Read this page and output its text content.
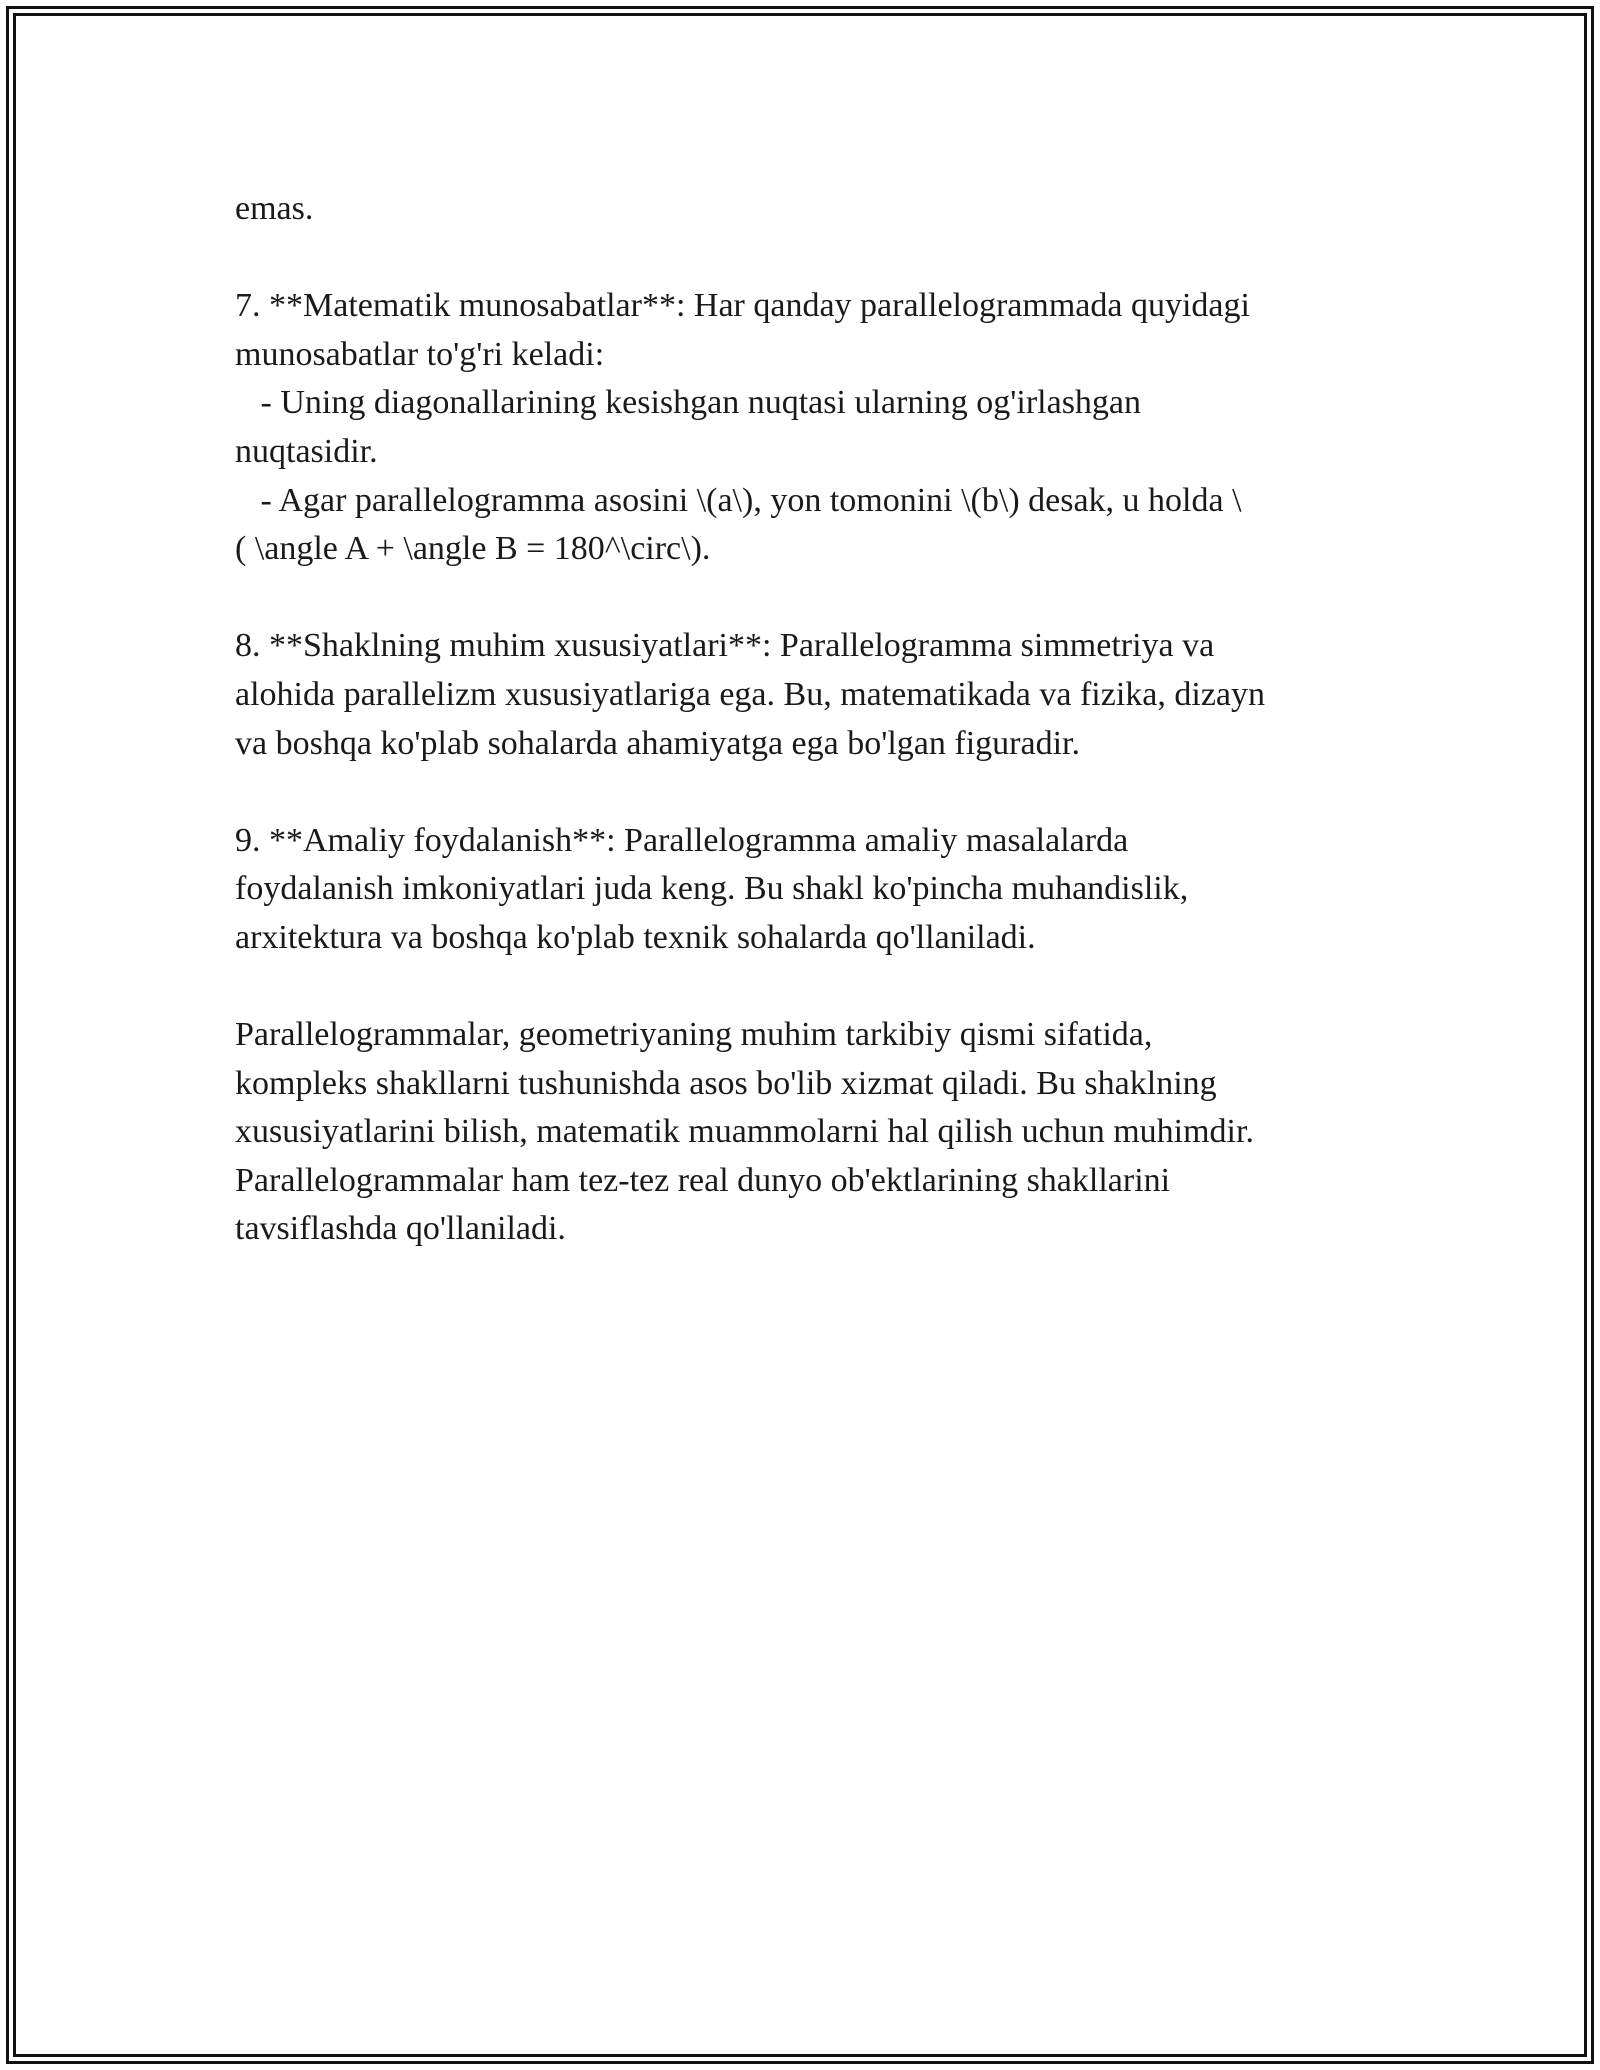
emas.

7. **Matematik munosabatlar**: Har qanday parallelogrammada quyidagi
munosabatlar to'g'ri keladi:
- Uning diagonallarining kesishgan nuqtasi ularning og'irlashgan
nuqtasidir.
- Agar parallelogramma asosini \(a\), yon tomonini \(b\) desak, u holda \
( \angle A + \angle B = 180^\circ\).

8. **Shaklning muhim xususiyatlari**: Parallelogramma simmetriya va
alohida parallelizm xususiyatlariga ega. Bu, matematikada va fizika, dizayn
va boshqa ko'plab sohalarda ahamiyatga ega bo'lgan figuradir.

9. **Amaliy foydalanish**: Parallelogramma amaliy masalalarda
foydalanish imkoniyatlari juda keng. Bu shakl ko'pincha muhandislik,
arxitektura va boshqa ko'plab texnik sohalarda qo'llaniladi.

Parallelogrammalar, geometriyaning muhim tarkibiy qismi sifatida,
kompleks shakllarni tushunishda asos bo'lib xizmat qiladi. Bu shaklning
xususiyatlarini bilish, matematik muammolarni hal qilish uchun muhimdir.
Parallelogrammalar ham tez-tez real dunyo ob'ektlarining shakllarini
tavsiflashda qo'llaniladi.
